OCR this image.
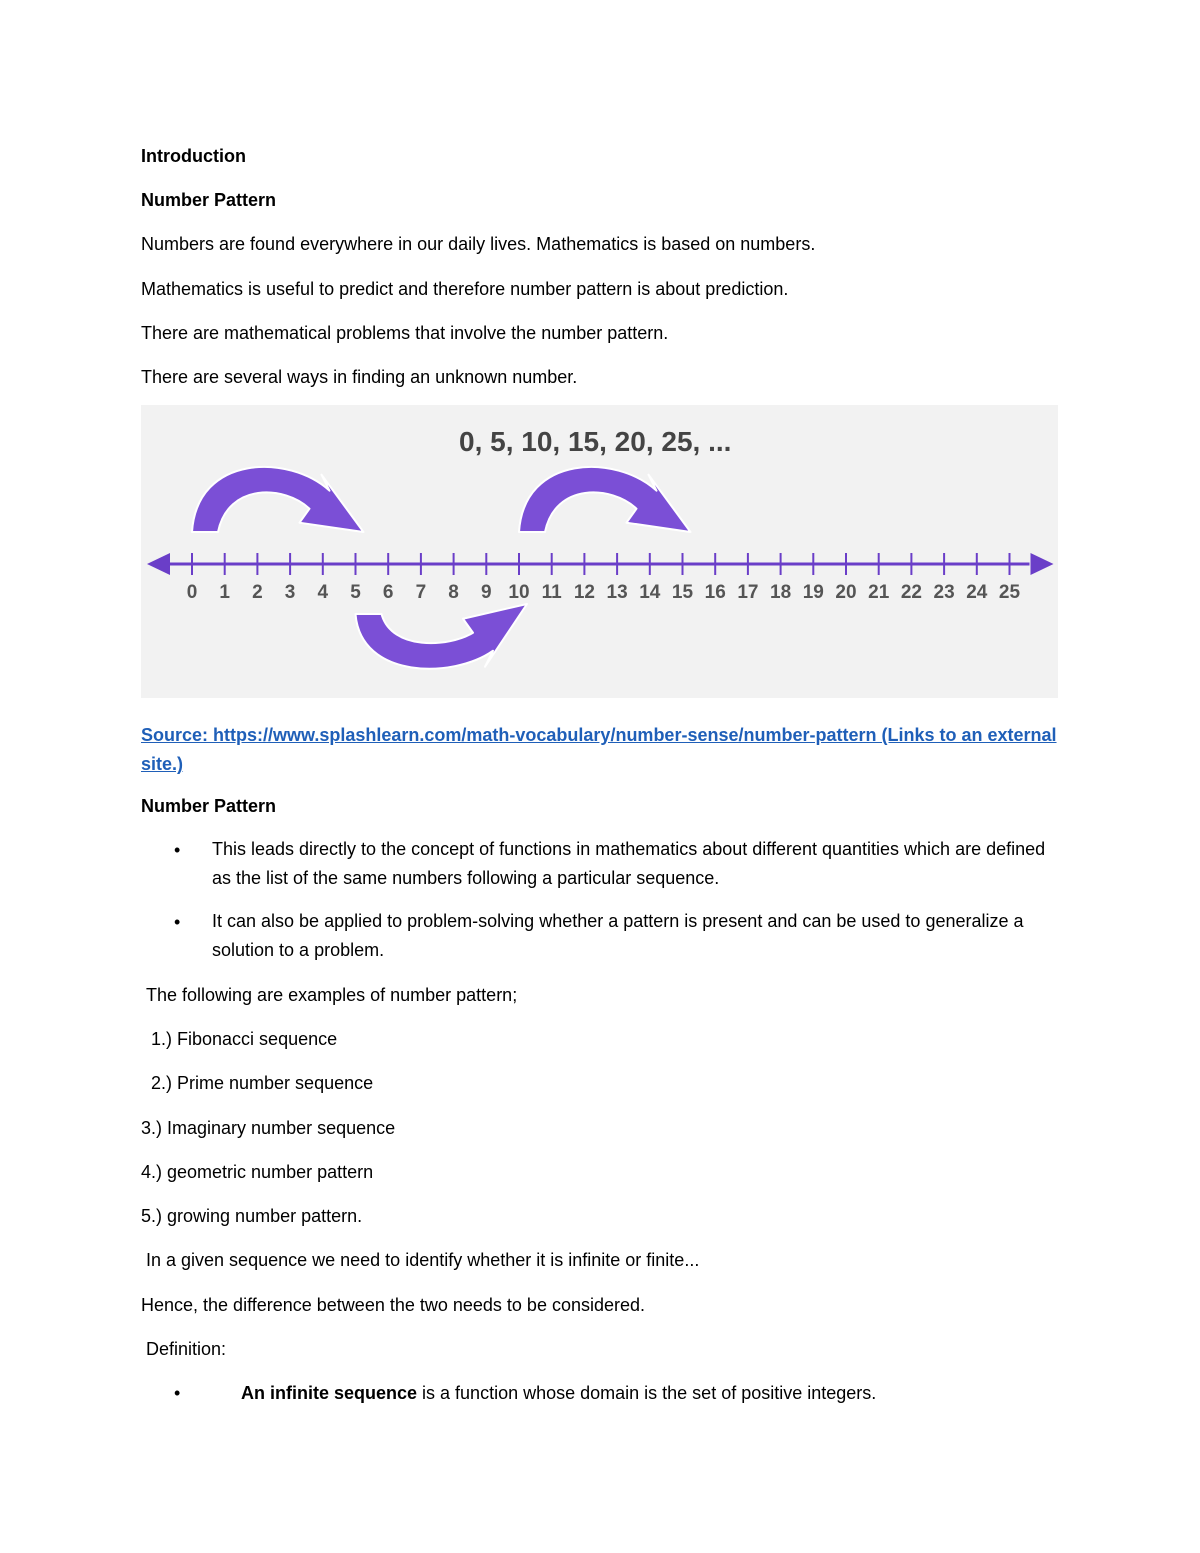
Introduction
Number Pattern
Numbers are found everywhere in our daily lives. Mathematics is based on numbers.
Mathematics is useful to predict and therefore number pattern is about prediction.
There are mathematical problems that involve the number pattern.
There are several ways in finding an unknown number.
0, 5, 10, 15, 20, 25, ...
0 1 2 3 4 5 6 7 8 9 10 11 12 13 14 15 16 17 18 19 20 21 22 23 24 25
Source: https://www.splashlearn.com/math-vocabulary/number-sense/number-pattern (Links to an external site.)
Number Pattern
• This leads directly to the concept of functions in mathematics about different quantities which are defined as the list of the same numbers following a particular sequence.
• It can also be applied to problem-solving whether a pattern is present and can be used to generalize a solution to a problem.
The following are examples of number pattern;
1.) Fibonacci sequence
2.) Prime number sequence
3.) Imaginary number sequence
4.) geometric number pattern
5.) growing number pattern.
In a given sequence we need to identify whether it is infinite or finite...
Hence, the difference between the two needs to be considered.
Definition:
•	An infinite sequence is a function whose domain is the set of positive integers.
